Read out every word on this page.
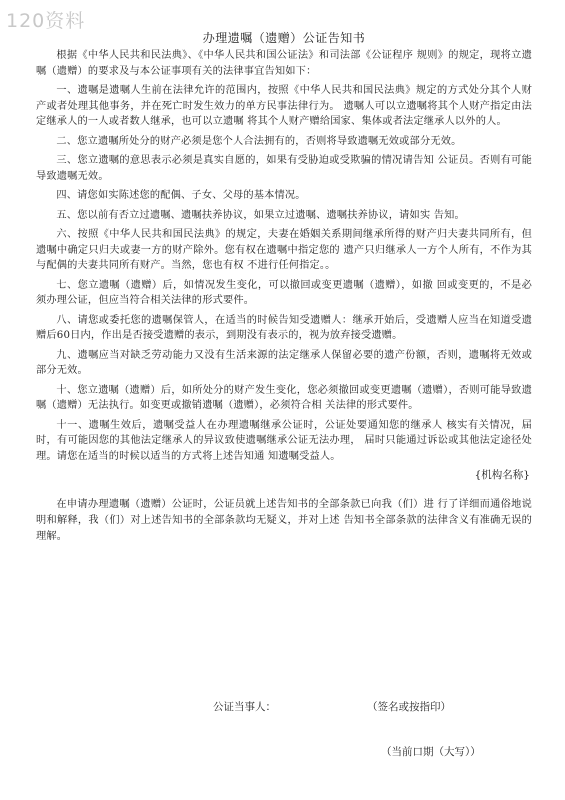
120资料
办理遗嘱（遗赠）公证告知书

根据《中华人民共和民法典》、《中华人民共和国公证法》和司法部《公证程序 规则》的规定，现将立遗嘱（遗赠）的要求及与本公证事项有关的法律事宜告知如下：

一、遗嘱是遗嘱人生前在法律允许的范围内，按照《中华人民共和国民法典》规定的方式处分其个人财产或者处理其他事务，并在死亡时发生效力的单方民事法律行为。 遗嘱人可以立遗嘱将其个人财产指定由法定继承人的一人或者数人继承，也可以立遗嘱 将其个人财产赠给国家、集体或者法定继承人以外的人。

二、您立遗嘱所处分的财产必须是您个人合法拥有的，否则将导致遗嘱无效或部分无效。

三、您立遗嘱的意思表示必须是真实自愿的，如果有受胁迫或受欺骗的情况请告知 公证员。否则有可能导致遗嘱无效。

四、请您如实陈述您的配偶、子女、父母的基本情况。

五、您以前有否立过遗嘱、遗嘱扶养协议，如果立过遗嘱、遗嘱扶养协议，请如实 告知。

六、按照《中华人民共和国民法典》的规定，夫妻在婚姻关系期间继承所得的财产归夫妻共同所有，但遗嘱中确定只归夫或妻一方的财产除外。您有权在遗嘱中指定您的 遗产只归继承人一方个人所有，不作为其与配偶的夫妻共同所有财产。当然，您也有权 不进行任何指定。。

七、您立遗嘱（遗赠）后，如情况发生变化，可以撤回或变更遗嘱（遗赠），如撤 回或变更的，不是必须办理公证，但应当符合相关法律的形式要件。

八、请您或委托您的遗嘱保管人，在适当的时候告知受遗赠人：继承开始后，受遗赠人应当在知道受遗赠后60日内，作出是否接受遗赠的表示，到期没有表示的，视为放弃接受遗赠。

九、遗嘱应当对缺乏劳动能力又没有生活来源的法定继承人保留必要的遗产份额，否则，遗嘱将无效或部分无效。

十、您立遗嘱（遗赠）后，如所处分的财产发生变化，您必须撤回或变更遗嘱（遗赠），否则可能导致遗嘱（遗赠）无法执行。如变更或撤销遗嘱（遗赠），必须符合相 关法律的形式要件。

十一、遗嘱生效后，遗嘱受益人在办理遗嘱继承公证时，公证处要通知您的继承人 核实有关情况，届时，有可能因您的其他法定继承人的异议致使遗嘱继承公证无法办理， 届时只能通过诉讼或其他法定途径处理。请您在适当的时候以适当的方式将上述告知通 知遗嘱受益人。

{机构名称}

在申请办理遗嘱（遗赠）公证时，公证员就上述告知书的全部条款已向我（们）进 行了详细而通俗地说明和解释，我（们）对上述告知书的全部条款均无疑义，并对上述 告知书全部条款的法律含义有准确无误的理解。

公证当事人：	（签名或按指印）
（当前口期（大写））
